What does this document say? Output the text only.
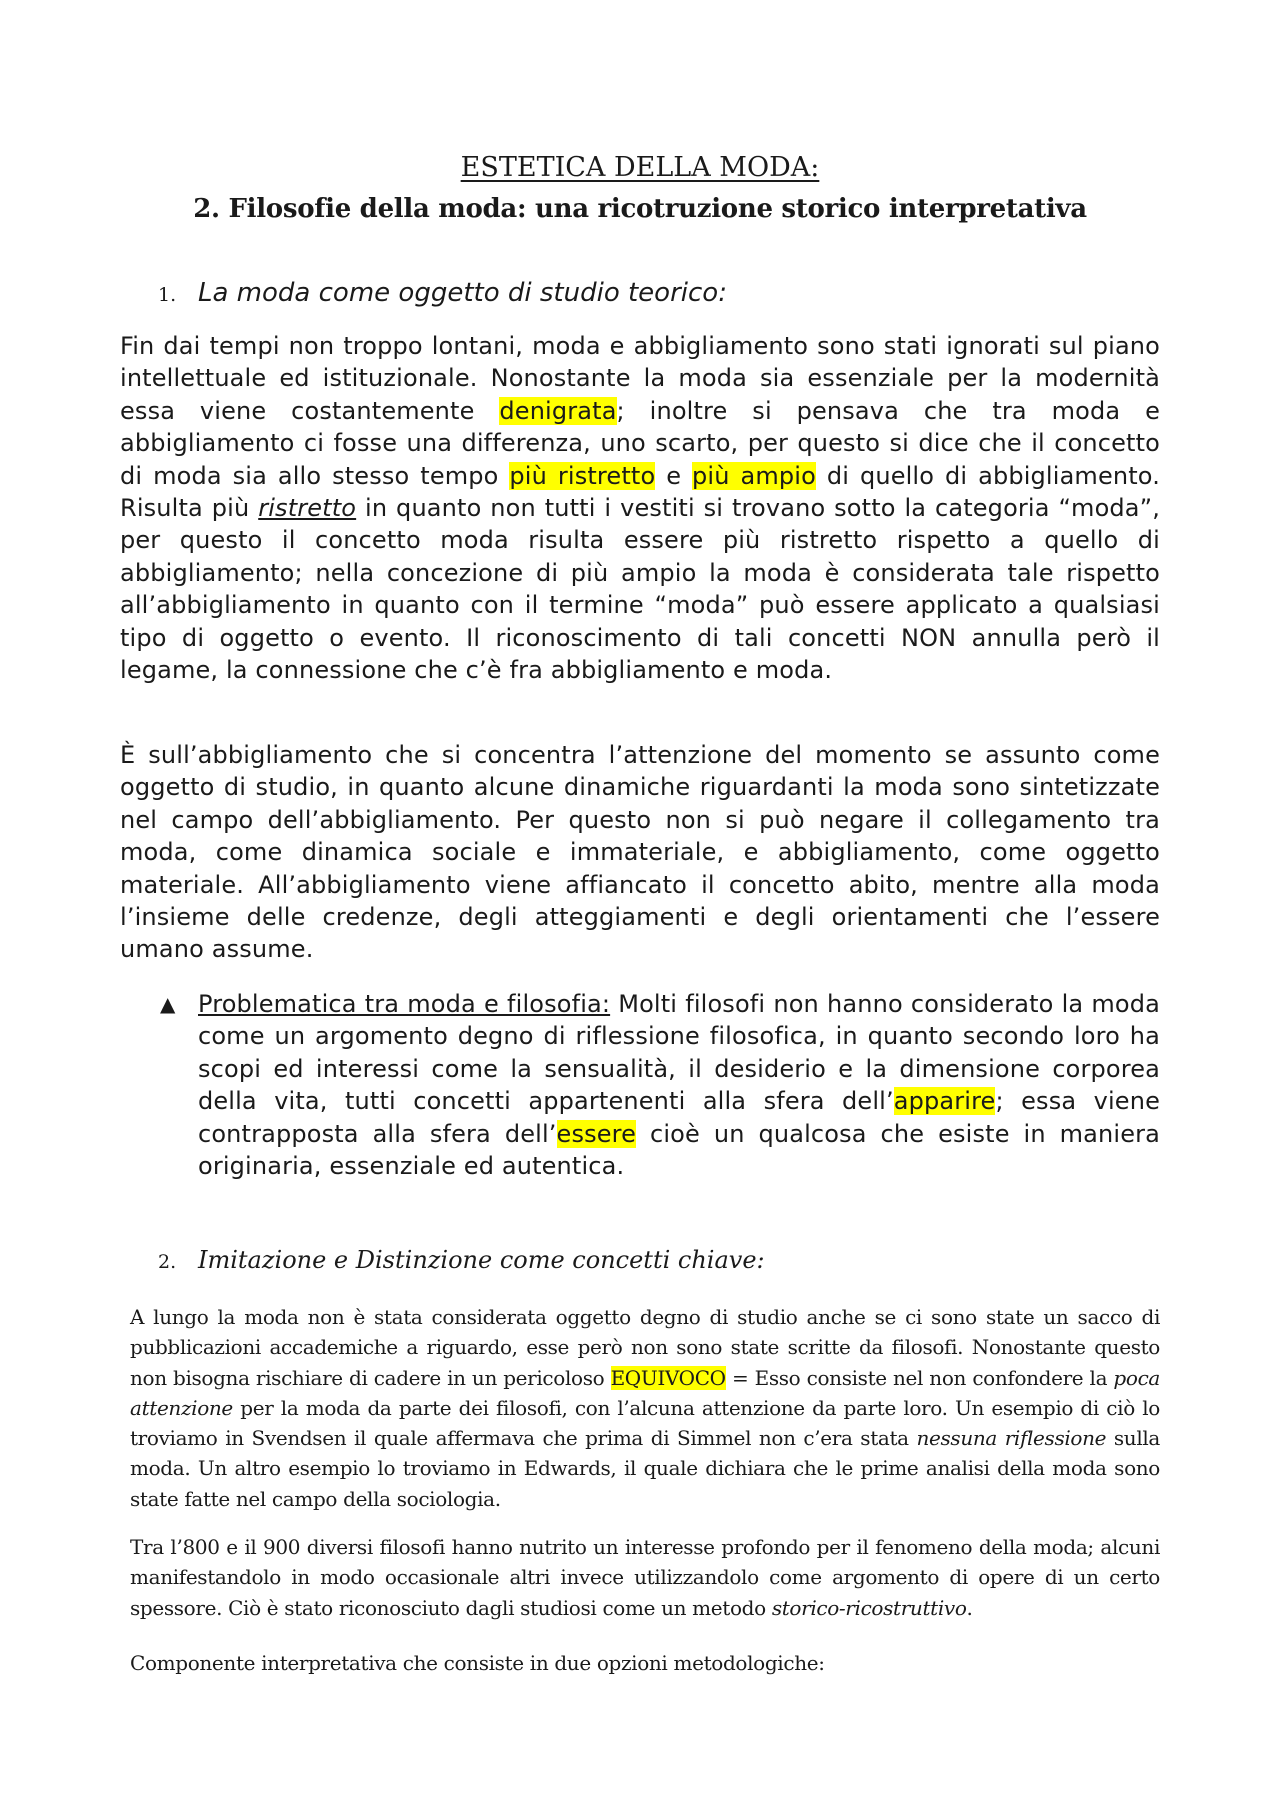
ESTETICA DELLA MODA:
2. Filosofie della moda: una ricotruzione storico interpretativa
1. La moda come oggetto di studio teorico:

Fin dai tempi non troppo lontani, moda e abbigliamento sono stati ignorati sul piano intellettuale ed istituzionale. Nonostante la moda sia essenziale per la modernità essa viene costantemente denigrata; inoltre si pensava che tra moda e abbigliamento ci fosse una differenza, uno scarto, per questo si dice che il concetto di moda sia allo stesso tempo più ristretto e più ampio di quello di abbigliamento. Risulta più ristretto in quanto non tutti i vestiti si trovano sotto la categoria “moda”, per questo il concetto moda risulta essere più ristretto rispetto a quello di abbigliamento; nella concezione di più ampio la moda è considerata tale rispetto all’abbigliamento in quanto con il termine “moda” può essere applicato a qualsiasi tipo di oggetto o evento. Il riconoscimento di tali concetti NON annulla però il legame, la connessione che c’è fra abbigliamento e moda.

È sull’abbigliamento che si concentra l’attenzione del momento se assunto come oggetto di studio, in quanto alcune dinamiche riguardanti la moda sono sintetizzate nel campo dell’abbigliamento. Per questo non si può negare il collegamento tra moda, come dinamica sociale e immateriale, e abbigliamento, come oggetto materiale. All’abbigliamento viene affiancato il concetto abito, mentre alla moda l’insieme delle credenze, degli atteggiamenti e degli orientamenti che l’essere umano assume.

▲ Problematica tra moda e filosofia: Molti filosofi non hanno considerato la moda come un argomento degno di riflessione filosofica, in quanto secondo loro ha scopi ed interessi come la sensualità, il desiderio e la dimensione corporea della vita, tutti concetti appartenenti alla sfera dell’apparire; essa viene contrapposta alla sfera dell’essere cioè un qualcosa che esiste in maniera originaria, essenziale ed autentica.

2. Imitazione e Distinzione come concetti chiave:

A lungo la moda non è stata considerata oggetto degno di studio anche se ci sono state un sacco di pubblicazioni accademiche a riguardo, esse però non sono state scritte da filosofi. Nonostante questo non bisogna rischiare di cadere in un pericoloso EQUIVOCO = Esso consiste nel non confondere la poca attenzione per la moda da parte dei filosofi, con l’alcuna attenzione da parte loro. Un esempio di ciò lo troviamo in Svendsen il quale affermava che prima di Simmel non c’era stata nessuna riflessione sulla moda. Un altro esempio lo troviamo in Edwards, il quale dichiara che le prime analisi della moda sono state fatte nel campo della sociologia.

Tra l’800 e il 900 diversi filosofi hanno nutrito un interesse profondo per il fenomeno della moda; alcuni manifestandolo in modo occasionale altri invece utilizzandolo come argomento di opere di un certo spessore. Ciò è stato riconosciuto dagli studiosi come un metodo storico-ricostruttivo.

Componente interpretativa che consiste in due opzioni metodologiche:
